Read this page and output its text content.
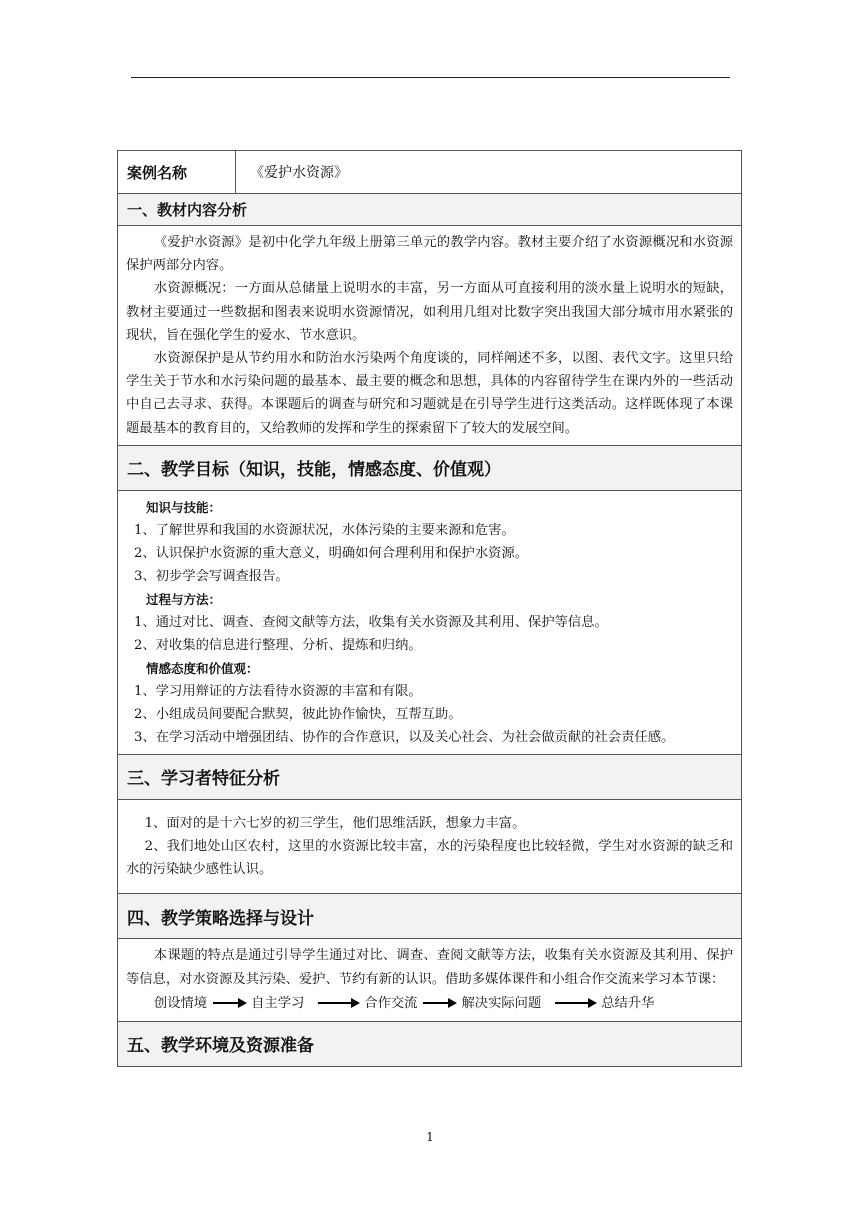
案例名称	《爱护水资源》
一、教材内容分析

《爱护水资源》是初中化学九年级上册第三单元的教学内容。教材主要介绍了水资源概况和水资源保护两部分内容。

水资源概况：一方面从总储量上说明水的丰富，另一方面从可直接利用的淡水量上说明水的短缺，教材主要通过一些数据和图表来说明水资源情况，如利用几组对比数字突出我国大部分城市用水紧张的现状，旨在强化学生的爱水、节水意识。

水资源保护是从节约用水和防治水污染两个角度谈的，同样阐述不多，以图、表代文字。这里只给学生关于节水和水污染问题的最基本、最主要的概念和思想，具体的内容留待学生在课内外的一些活动中自己去寻求、获得。本课题后的调查与研究和习题就是在引导学生进行这类活动。这样既体现了本课题最基本的教育目的，又给教师的发挥和学生的探索留下了较大的发展空间。

二、教学目标（知识，技能，情感态度、价值观）

知识与技能：

1、了解世界和我国的水资源状况，水体污染的主要来源和危害。

2、认识保护水资源的重大意义，明确如何合理利用和保护水资源。

3、初步学会写调查报告。

过程与方法：

1、通过对比、调查、查阅文献等方法，收集有关水资源及其利用、保护等信息。

2、对收集的信息进行整理、分析、提炼和归纳。

情感态度和价值观：

1、学习用辩证的方法看待水资源的丰富和有限。

2、小组成员间要配合默契，彼此协作愉快，互帮互助。

3、在学习活动中增强团结、协作的合作意识，以及关心社会、为社会做贡献的社会责任感。

三、学习者特征分析

1、面对的是十六七岁的初三学生，他们思维活跃，想象力丰富。

2、我们地处山区农村，这里的水资源比较丰富，水的污染程度也比较轻微，学生对水资源的缺乏和水的污染缺少感性认识。

四、教学策略选择与设计

本课题的特点是通过引导学生通过对比、调查、查阅文献等方法，收集有关水资源及其利用、保护等信息，对水资源及其污染、爱护、节约有新的认识。借助多媒体课件和小组合作交流来学习本节课：

创设情境	自主学习	合作交流	解决实际问题	总结升华

五、教学环境及资源准备
1
